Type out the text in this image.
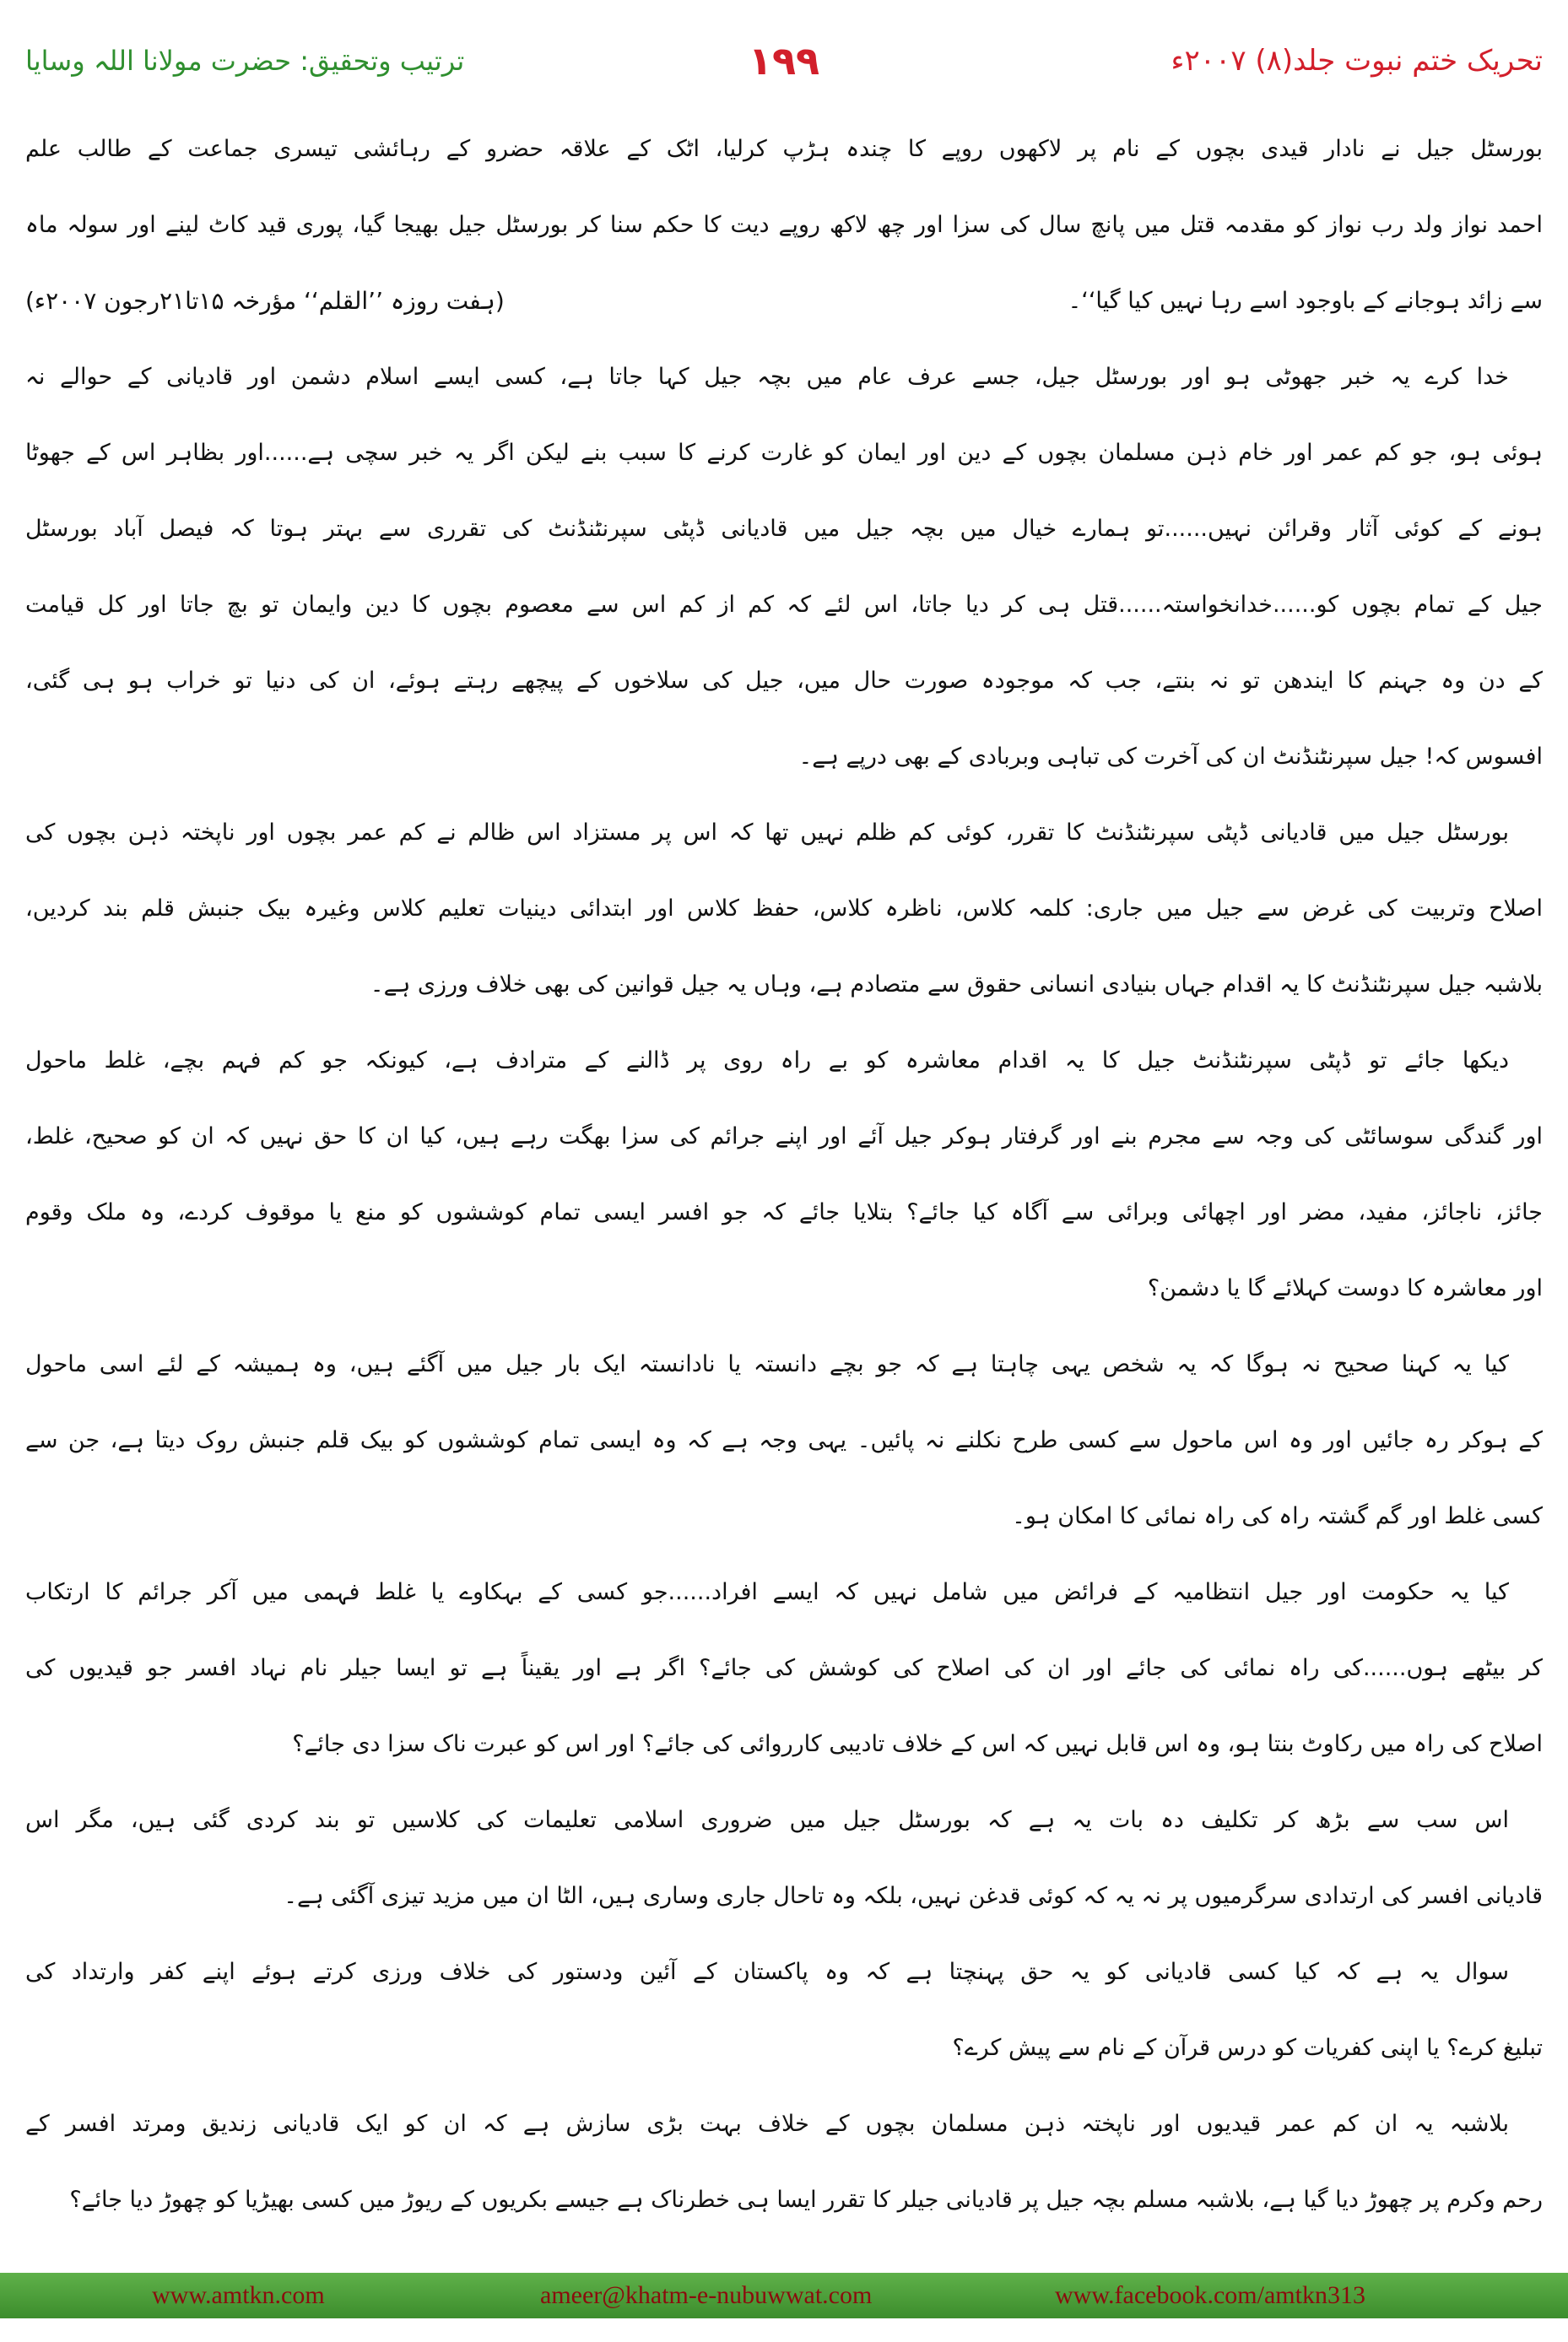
تحریک ختم نبوت جلد(۸) ۲۰۰۷ء
۱۹۹
ترتیب وتحقیق: حضرت مولانا اللہ وسایا
بورسٹل جیل نے نادار قیدی بچوں کے نام پر لاکھوں روپے کا چندہ ہڑپ کرلیا، اٹک کے علاقہ حضرو کے رہائشی تیسری جماعت کے طالب علم
احمد نواز ولد رب نواز کو مقدمہ قتل میں پانچ سال کی سزا اور چھ لاکھ روپے دیت کا حکم سنا کر بورسٹل جیل بھیجا گیا، پوری قید کاٹ لینے اور سولہ ماہ
سے زائد ہوجانے کے باوجود اسے رہا نہیں کیا گیا‘‘۔
(ہفت روزہ ’’القلم‘‘ مؤرخہ ۱۵تا۲۱رجون ۲۰۰۷ء)
خدا کرے یہ خبر جھوٹی ہو اور بورسٹل جیل، جسے عرف عام میں بچہ جیل کہا جاتا ہے، کسی ایسے اسلام دشمن اور قادیانی کے حوالے نہ
ہوئی ہو، جو کم عمر اور خام ذہن مسلمان بچوں کے دین اور ایمان کو غارت کرنے کا سبب بنے لیکن اگر یہ خبر سچی ہے......اور بظاہر اس کے جھوٹا
ہونے کے کوئی آثار وقرائن نہیں......تو ہمارے خیال میں بچہ جیل میں قادیانی ڈپٹی سپرنٹنڈنٹ کی تقرری سے بہتر ہوتا کہ فیصل آباد بورسٹل
جیل کے تمام بچوں کو......خدانخواستہ......قتل ہی کر دیا جاتا، اس لئے کہ کم از کم اس سے معصوم بچوں کا دین وایمان تو بچ جاتا اور کل قیامت
کے دن وہ جہنم کا ایندھن تو نہ بنتے، جب کہ موجودہ صورت حال میں، جیل کی سلاخوں کے پیچھے رہتے ہوئے، ان کی دنیا تو خراب ہو ہی گئی،
افسوس کہ! جیل سپرنٹنڈنٹ ان کی آخرت کی تباہی وبربادی کے بھی درپے ہے۔
بورسٹل جیل میں قادیانی ڈپٹی سپرنٹنڈنٹ کا تقرر، کوئی کم ظلم نہیں تھا کہ اس پر مستزاد اس ظالم نے کم عمر بچوں اور ناپختہ ذہن بچوں کی
اصلاح وتربیت کی غرض سے جیل میں جاری: کلمہ کلاس، ناظرہ کلاس، حفظ کلاس اور ابتدائی دینیات تعلیم کلاس وغیرہ بیک جنبش قلم بند کردیں،
بلاشبہ جیل سپرنٹنڈنٹ کا یہ اقدام جہاں بنیادی انسانی حقوق سے متصادم ہے، وہاں یہ جیل قوانین کی بھی خلاف ورزی ہے۔
دیکھا جائے تو ڈپٹی سپرنٹنڈنٹ جیل کا یہ اقدام معاشرہ کو بے راہ روی پر ڈالنے کے مترادف ہے، کیونکہ جو کم فہم بچے، غلط ماحول
اور گندگی سوسائٹی کی وجہ سے مجرم بنے اور گرفتار ہوکر جیل آئے اور اپنے جرائم کی سزا بھگت رہے ہیں، کیا ان کا حق نہیں کہ ان کو صحیح، غلط،
جائز، ناجائز، مفید، مضر اور اچھائی وبرائی سے آگاہ کیا جائے؟ بتلایا جائے کہ جو افسر ایسی تمام کوششوں کو منع یا موقوف کردے، وہ ملک وقوم
اور معاشرہ کا دوست کہلائے گا یا دشمن؟
کیا یہ کہنا صحیح نہ ہوگا کہ یہ شخص یہی چاہتا ہے کہ جو بچے دانستہ یا نادانستہ ایک بار جیل میں آگئے ہیں، وہ ہمیشہ کے لئے اسی ماحول
کے ہوکر رہ جائیں اور وہ اس ماحول سے کسی طرح نکلنے نہ پائیں۔ یہی وجہ ہے کہ وہ ایسی تمام کوششوں کو بیک قلم جنبش روک دیتا ہے، جن سے
کسی غلط اور گم گشتہ راہ کی راہ نمائی کا امکان ہو۔
کیا یہ حکومت اور جیل انتظامیہ کے فرائض میں شامل نہیں کہ ایسے افراد......جو کسی کے بہکاوے یا غلط فہمی میں آکر جرائم کا ارتکاب
کر بیٹھے ہوں......کی راہ نمائی کی جائے اور ان کی اصلاح کی کوشش کی جائے؟ اگر ہے اور یقیناً ہے تو ایسا جیلر نام نہاد افسر جو قیدیوں کی
اصلاح کی راہ میں رکاوٹ بنتا ہو، وہ اس قابل نہیں کہ اس کے خلاف تادیبی کارروائی کی جائے؟ اور اس کو عبرت ناک سزا دی جائے؟
اس سب سے بڑھ کر تکلیف دہ بات یہ ہے کہ بورسٹل جیل میں ضروری اسلامی تعلیمات کی کلاسیں تو بند کردی گئی ہیں، مگر اس
قادیانی افسر کی ارتدادی سرگرمیوں پر نہ یہ کہ کوئی قدغن نہیں، بلکہ وہ تاحال جاری وساری ہیں، الٹا ان میں مزید تیزی آگئی ہے۔
سوال یہ ہے کہ کیا کسی قادیانی کو یہ حق پہنچتا ہے کہ وہ پاکستان کے آئین ودستور کی خلاف ورزی کرتے ہوئے اپنے کفر وارتداد کی
تبلیغ کرے؟ یا اپنی کفریات کو درس قرآن کے نام سے پیش کرے؟
بلاشبہ یہ ان کم عمر قیدیوں اور ناپختہ ذہن مسلمان بچوں کے خلاف بہت بڑی سازش ہے کہ ان کو ایک قادیانی زندیق ومرتد افسر کے
رحم وکرم پر چھوڑ دیا گیا ہے، بلاشبہ مسلم بچہ جیل پر قادیانی جیلر کا تقرر ایسا ہی خطرناک ہے جیسے بکریوں کے ریوڑ میں کسی بھیڑیا کو چھوڑ دیا جائے؟
www.amtkn.com	ameer@khatm-e-nubuwwat.com	www.facebook.com/amtkn313
